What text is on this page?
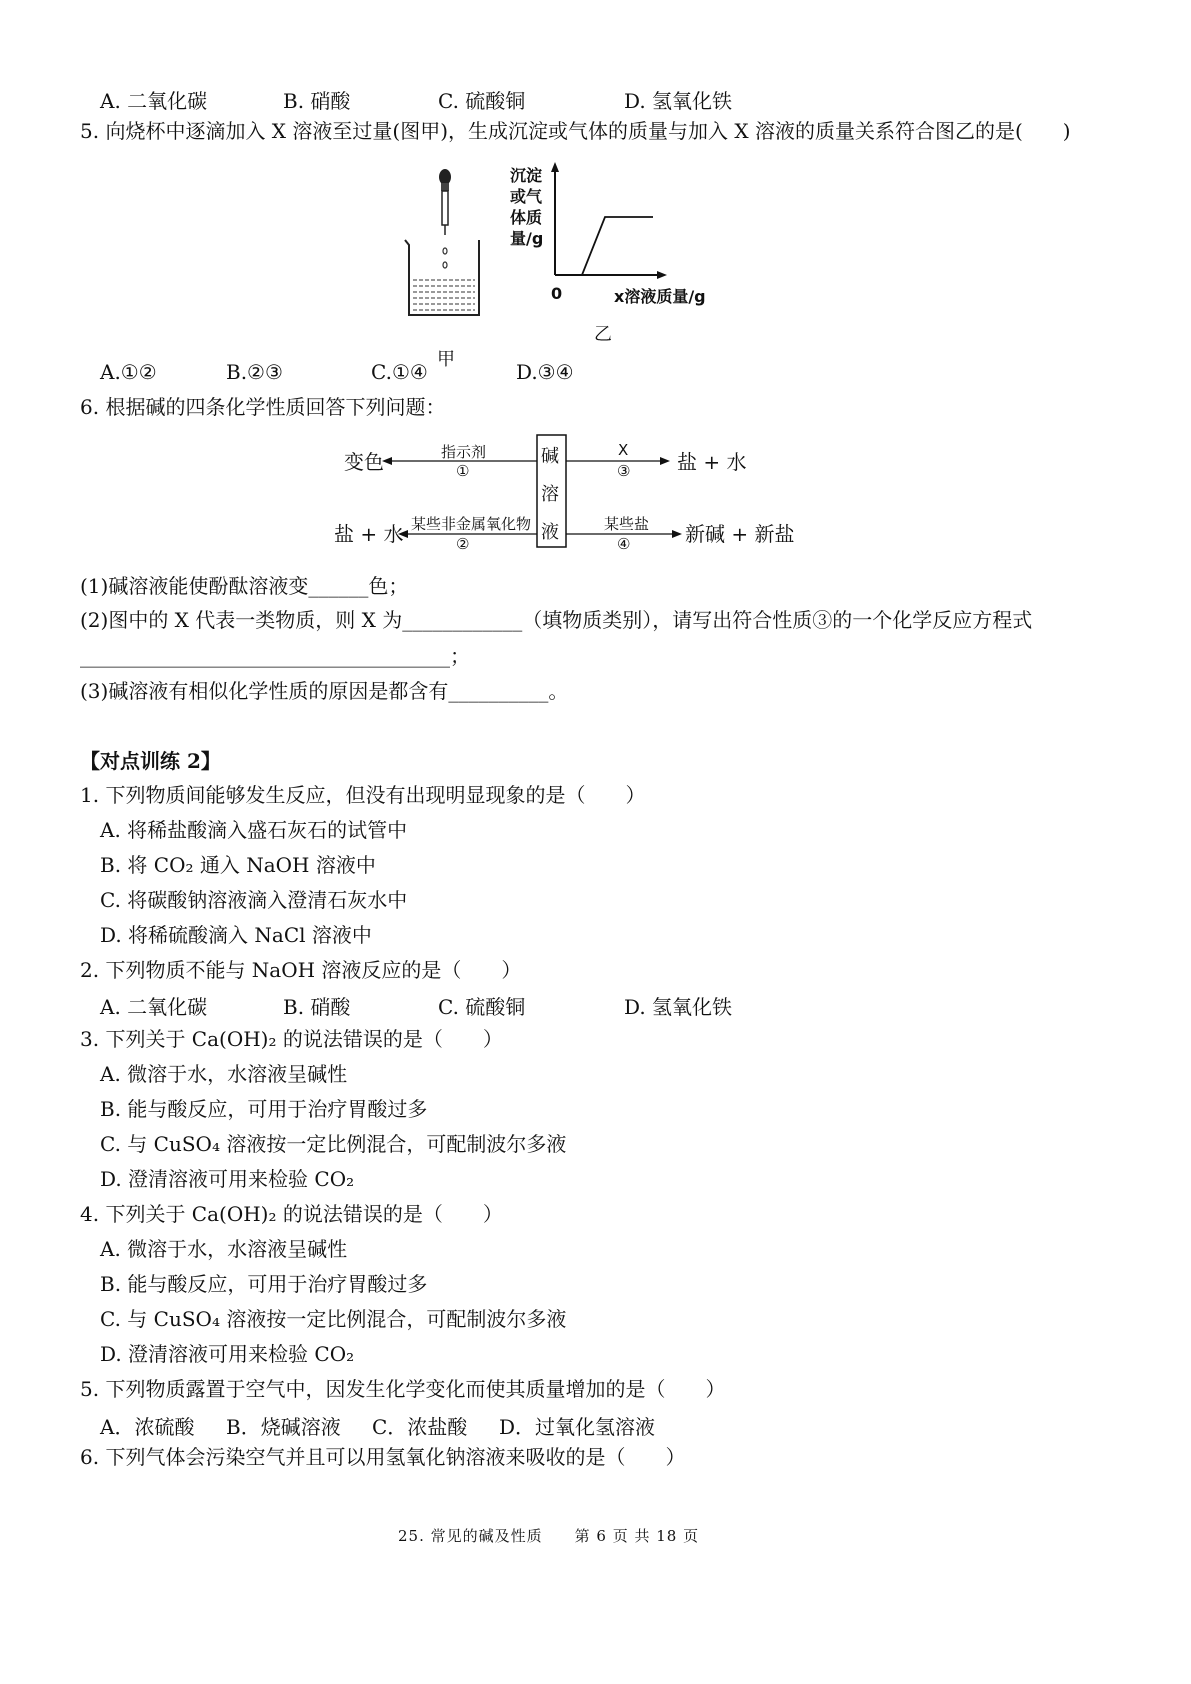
A. 二氧化碳	B. 硝酸	C. 硫酸铜	D. 氢氧化铁
5. 向烧杯中逐滴加入 X 溶液至过量(图甲)，生成沉淀或气体的质量与加入 X 溶液的质量关系符合图乙的是(　　)
甲
沉淀
或气
体质
量/g
0	x溶液质量/g
乙
A.①②	B.②③	C.①④	D.③④
6. 根据碱的四条化学性质回答下列问题：
碱
溶
液
变色	指示剂
①
X
③ 盐 + 水
盐 + 水 某些非金属氧化物
②
某些盐
④	新碱 + 新盐
(1)碱溶液能使酚酞溶液变______色；
(2)图中的 X 代表一类物质，则 X 为____________（填物质类别），请写出符合性质③的一个化学反应方程式
_____________________________________；
(3)碱溶液有相似化学性质的原因是都含有__________。
【对点训练 2】
1. 下列物质间能够发生反应，但没有出现明显现象的是（　　）
A. 将稀盐酸滴入盛石灰石的试管中
B. 将 CO₂ 通入 NaOH 溶液中
C. 将碳酸钠溶液滴入澄清石灰水中
D. 将稀硫酸滴入 NaCl 溶液中
2. 下列物质不能与 NaOH 溶液反应的是（　　）
A. 二氧化碳	B. 硝酸	C. 硫酸铜	D. 氢氧化铁
3. 下列关于 Ca(OH)₂ 的说法错误的是（　　）
A. 微溶于水，水溶液呈碱性
B. 能与酸反应，可用于治疗胃酸过多
C. 与 CuSO₄ 溶液按一定比例混合，可配制波尔多液
D. 澄清溶液可用来检验 CO₂
4. 下列关于 Ca(OH)₂ 的说法错误的是（　　）
A. 微溶于水，水溶液呈碱性
B. 能与酸反应，可用于治疗胃酸过多
C. 与 CuSO₄ 溶液按一定比例混合，可配制波尔多液
D. 澄清溶液可用来检验 CO₂
5. 下列物质露置于空气中，因发生化学变化而使其质量增加的是（　　）
A．浓硫酸 B．烧碱溶液 C．浓盐酸 D．过氧化氢溶液
6. 下列气体会污染空气并且可以用氢氧化钠溶液来吸收的是（　　）
25. 常见的碱及性质　　第 6 页 共 18 页
